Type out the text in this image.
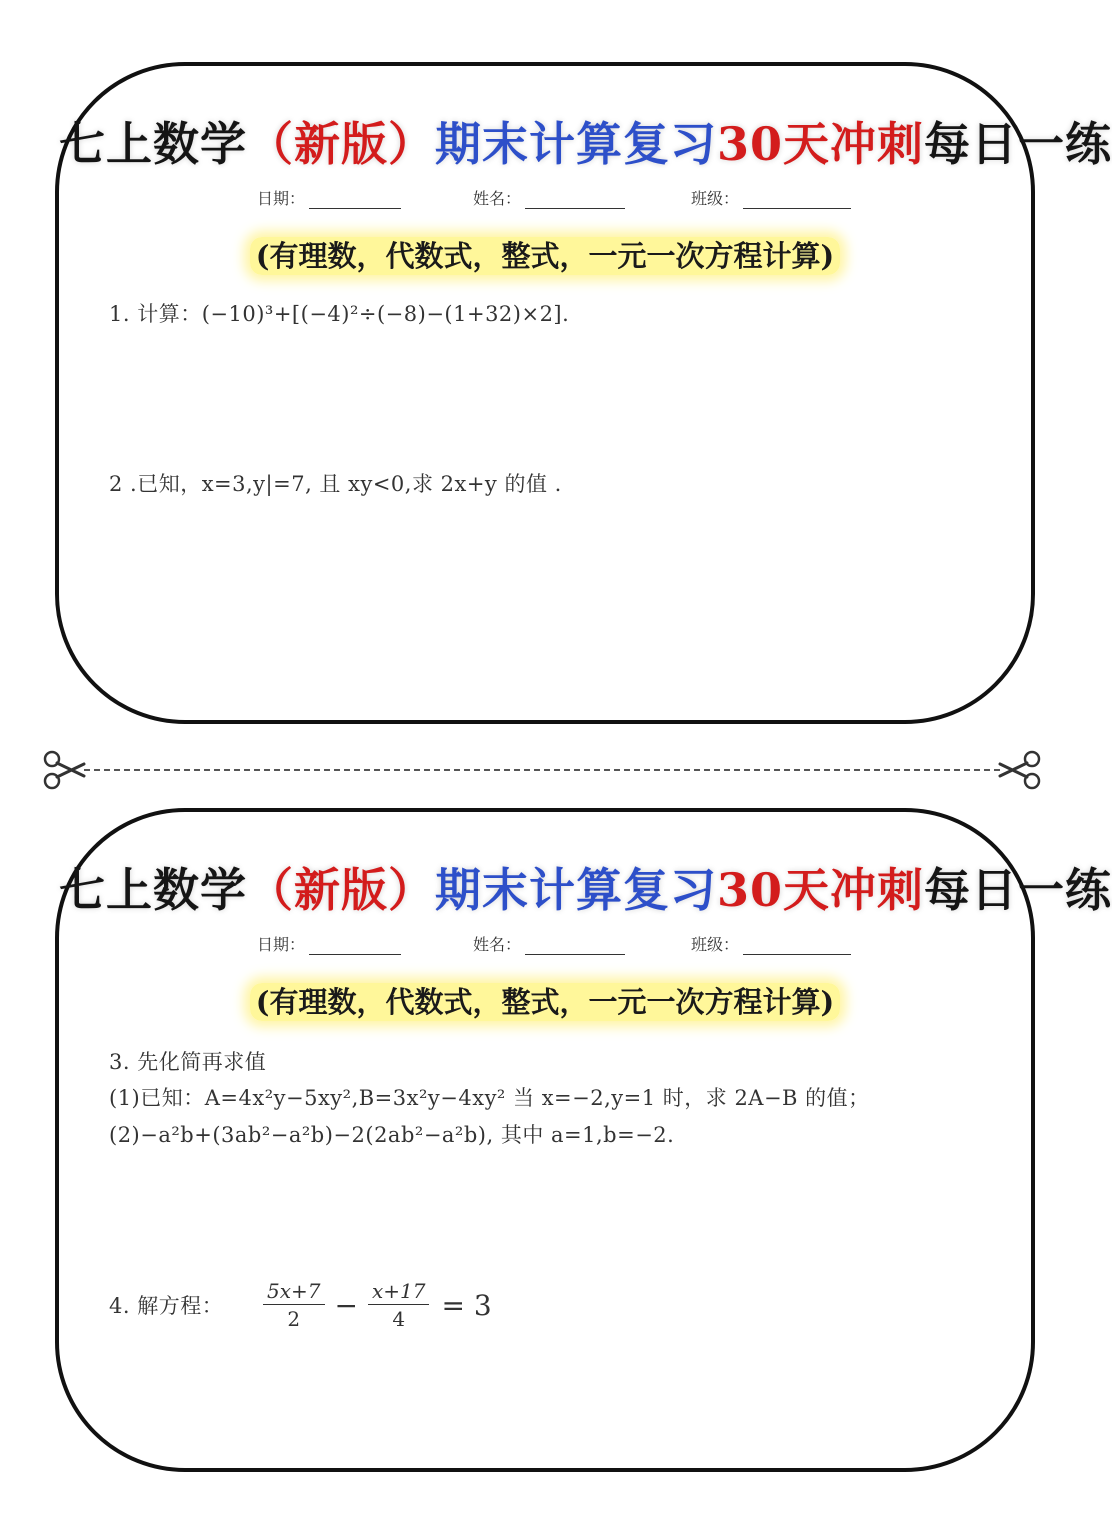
七上数学（新版）期末计算复习30天冲刺每日一练
日期：	姓名：	班级：
(有理数，代数式，整式，一元一次方程计算)
1. 计算：(−10)³+[(−4)²÷(−8)−(1+32)×2].
2 .已知，x=3,y|=7, 且 xy<0,求 2x+y 的值 .
七上数学（新版）期末计算复习30天冲刺每日一练
日期：	姓名：	班级：
(有理数，代数式，整式，一元一次方程计算)
3. 先化简再求值
(1)已知：A=4x²y−5xy²,B=3x²y−4xy² 当 x=−2,y=1 时，求 2A−B 的值；
(2)−a²b+(3ab²−a²b)−2(2ab²−a²b), 其中 a=1,b=−2.
4. 解方程： $\frac{5x+7}{2} - \frac{x+17}{4} = 3$
